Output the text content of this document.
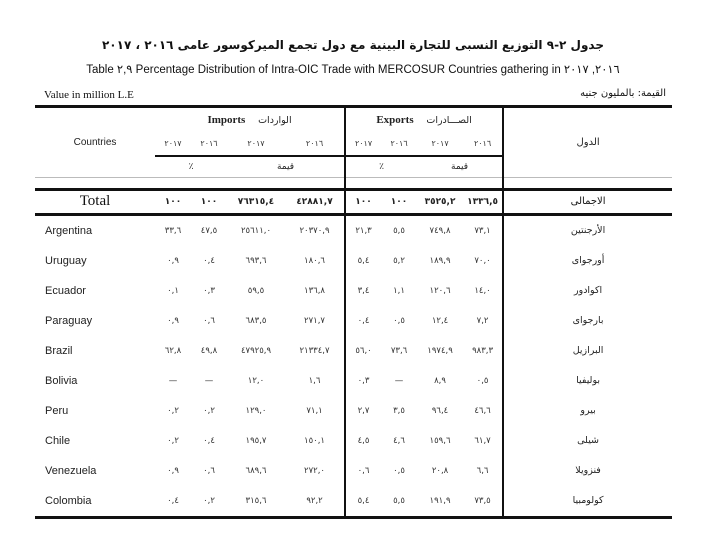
جدول ٢-٩ التوزيع النسبى للتجارة البينية مع دول تجمع الميركوسور عامى ٢٠١٦ ، ٢٠١٧
Table ٢,٩ Percentage Distribution of Intra-OIC Trade with MERCOSUR Countries gathering in ٢٠١٦, ٢٠١٧
Value in million L.E	القيمة: بالمليون جنيه
Countries	Imports الواردات				Exports الصـــادرات				الدول
	٢٠١٧	٢٠١٦	٢٠١٧	٢٠١٦	٢٠١٧	٢٠١٦	٢٠١٧	٢٠١٦	
	٪		قيمة		٪		قيمة		

Total	١٠٠	١٠٠	٧٦٣١٥,٤	٤٢٨٨١,٧	١٠٠	١٠٠	٣٥٢٥,٢	١٣٣٦,٥	الاجمالى
Argentina	٣٣,٦	٤٧,٥	٢٥٦١١,٠	٢٠٣٧٠,٩	٢١,٣	٥,٥	٧٤٩,٨	٧٣,١	الأرجنتين
Uruguay	٠,٩	٠,٤	٦٩٣,٦	١٨٠,٦	٥,٤	٥,٢	١٨٩,٩	٧٠,٠	أورجواى
Ecuador	٠,١	٠,٣	٥٩,٥	١٣٦,٨	٣,٤	١,١	١٢٠,٦	١٤,٠	اكوادور
Paraguay	٠,٩	٠,٦	٦٨٣,٥	٢٧١,٧	٠,٤	٠,٥	١٢,٤	٧,٢	بارجواى
Brazil	٦٢,٨	٤٩,٨	٤٧٩٢٥,٩	٢١٣٣٤,٧	٥٦,٠	٧٣,٦	١٩٧٤,٩	٩٨٣,٣	البرازيل
Bolivia	—	—	١٢,٠	١,٦	٠,٣	—	٨,٩	٠,٥	بوليفيا
Peru	٠,٢	٠,٢	١٢٩,٠	٧١,١	٢,٧	٣,٥	٩٦,٤	٤٦,٦	بيرو
Chile	٠,٢	٠,٤	١٩٥,٧	١٥٠,١	٤,٥	٤,٦	١٥٩,٦	٦١,٧	شيلى
Venezuela	٠,٩	٠,٦	٦٨٩,٦	٢٧٢,٠	٠,٦	٠,٥	٢٠,٨	٦,٦	فنزويلا
Colombia	٠,٤	٠,٢	٣١٥,٦	٩٢,٢	٥,٤	٥,٥	١٩١,٩	٧٣,٥	كولومبيا
